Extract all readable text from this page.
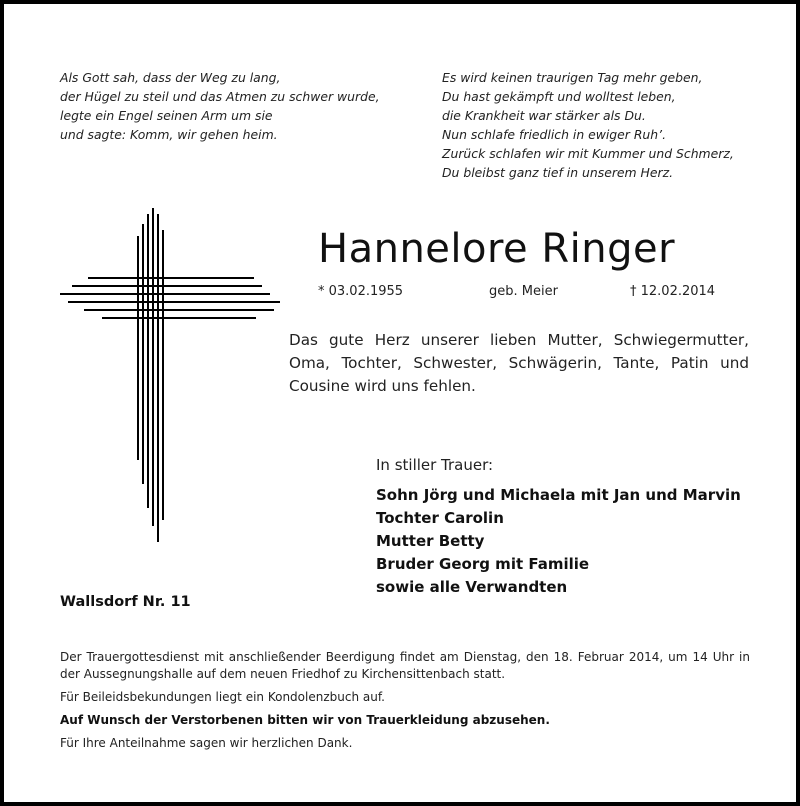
Als Gott sah, dass der Weg zu lang,
der Hügel zu steil und das Atmen zu schwer wurde,
legte ein Engel seinen Arm um sie
und sagte: Komm, wir gehen heim.
Es wird keinen traurigen Tag mehr geben,
Du hast gekämpft und wolltest leben,
die Krankheit war stärker als Du.
Nun schlafe friedlich in ewiger Ruh’.
Zurück schlafen wir mit Kummer und Schmerz,
Du bleibst ganz tief in unserem Herz.
Hannelore Ringer
* 03.02.1955	geb. Meier	† 12.02.2014
Das gute Herz unserer lieben Mutter, Schwiegermutter, Oma, Tochter, Schwester, Schwägerin, Tante, Patin und Cousine wird uns fehlen.
In stiller Trauer:
Sohn Jörg und Michaela mit Jan und Marvin
Tochter Carolin
Mutter Betty
Bruder Georg mit Familie
sowie alle Verwandten
Wallsdorf Nr. 11
Der Trauergottesdienst mit anschließender Beerdigung findet am Dienstag, den 18. Februar 2014, um 14 Uhr in der Aussegnungshalle auf dem neuen Friedhof zu Kirchensittenbach statt.
Für Beileidsbekundungen liegt ein Kondolenzbuch auf.
Auf Wunsch der Verstorbenen bitten wir von Trauerkleidung abzusehen.
Für Ihre Anteilnahme sagen wir herzlichen Dank.
